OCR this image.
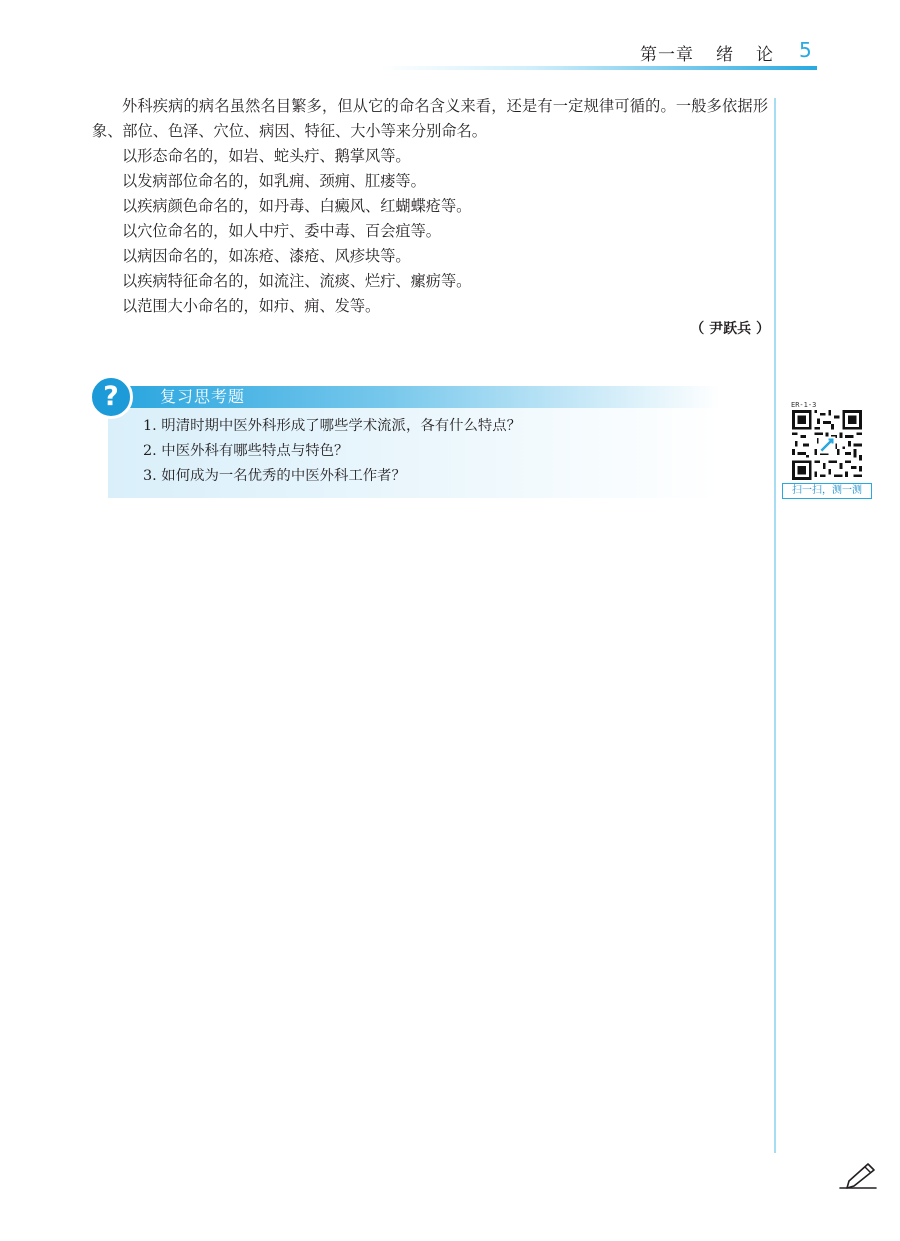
第一章 绪 论 5

外科疾病的病名虽然名目繁多，但从它的命名含义来看，还是有一定规律可循的。一般多依据形象、部位、色泽、穴位、病因、特征、大小等来分别命名。

以形态命名的，如岩、蛇头疔、鹅掌风等。

以发病部位命名的，如乳痈、颈痈、肛瘘等。

以疾病颜色命名的，如丹毒、白癜风、红蝴蝶疮等。

以穴位命名的，如人中疔、委中毒、百会疽等。

以病因命名的，如冻疮、漆疮、风疹块等。

以疾病特征命名的，如流注、流痰、烂疔、瘰疬等。

以范围大小命名的，如疖、痈、发等。

（ 尹跃兵 ）
复习思考题
?
1. 明清时期中医外科形成了哪些学术流派，各有什么特点？
2. 中医外科有哪些特点与特色？
3. 如何成为一名优秀的中医外科工作者？
ER-1-3
扫一扫，测一测
